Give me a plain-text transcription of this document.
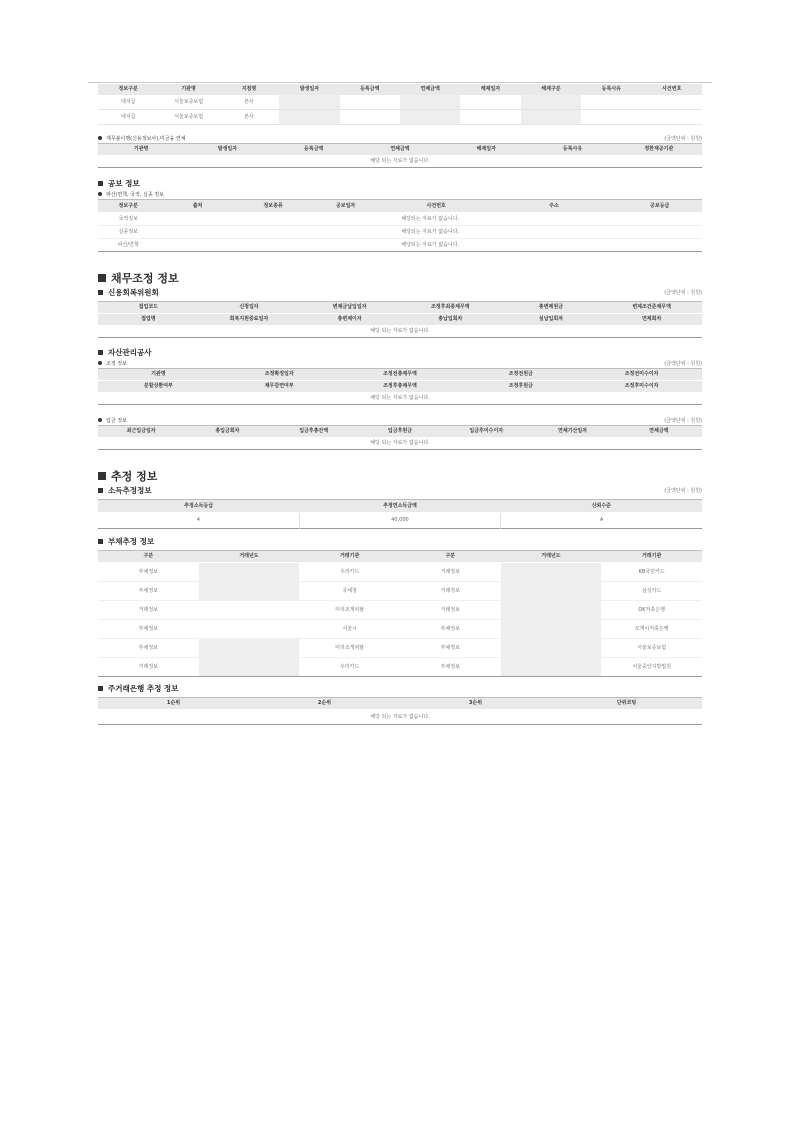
정보구분	기관명	지점명	발생일자	등록금액	연체금액	해제일자	해제구분	등록사유	사건번호
대지급	서울보증보험	본사							
대지급	서울보증보험	본사							
재무불이행(신용정보사),미금융 연체	(금액단위 : 원원)
기관명	발생일자	등록금액	연체금액	해제일자	등록사유	정한재공기관
해당 되는 자료가 없습니다.
공보 정보
파산/면책, 국적, 실종 정보
정보구분	출처	정보종류	공보일자	사건번호	주소	공보등급
국적정보	해당되는 자료가 없습니다.					
실종정보	해당되는 자료가 없습니다.					
파산/면책	해당되는 자료가 없습니다.					
채무조정 정보
신용회복위원회	(금액단위 : 원원)
접업코드	신청일자	변제금납입일자	조정후최종채무액	총변제원금	변제조건준채무액
접업명	회복지원중료일자	총변제이자	총납입회차	실납입회차	면제회차
해당 되는 자료가 없습니다.					
자산관리공사
조정 정보	(금액단위 : 원원)
기관명	조정확정일자	조정전총채무액	조정전원금	조정전미수이자
분할상환여부	채무감면여부	조정후총채무액	조정후원금	조정후미수이자
해당 되는 자료가 없습니다.				
입금 정보	(금액단위 : 원원)
최근입금일자	총입금회차	입금후총잔액	입금후원금	입금후미수이자	연체기산일자	연체금액
해당 되는 자료가 없습니다.
추정 정보
소득추정정보	(금액단위 : 원원)
추정소득등급	추정연소득금액	신뢰수준
4	40,000	A
부채추정 정보
구분	거래년도	거래기관	구분	거래년도	거래기관
부채정보		우리카드	거래정보		KB국민카드
부채정보		국세청	거래정보		삼성카드
거래정보		미리조개피탈	거래정보		OK저축은행
부채정보		서울시	부채정보		모게이저축은행
부채정보		미리조개피탈	부채정보		서울보증보험
거래정보		우리카드	부채정보		서울중앙지방법원
주거래은행 추정 정보
1순위	2순위	3순위	단위코팅
해당 되는 자료가 없습니다.
